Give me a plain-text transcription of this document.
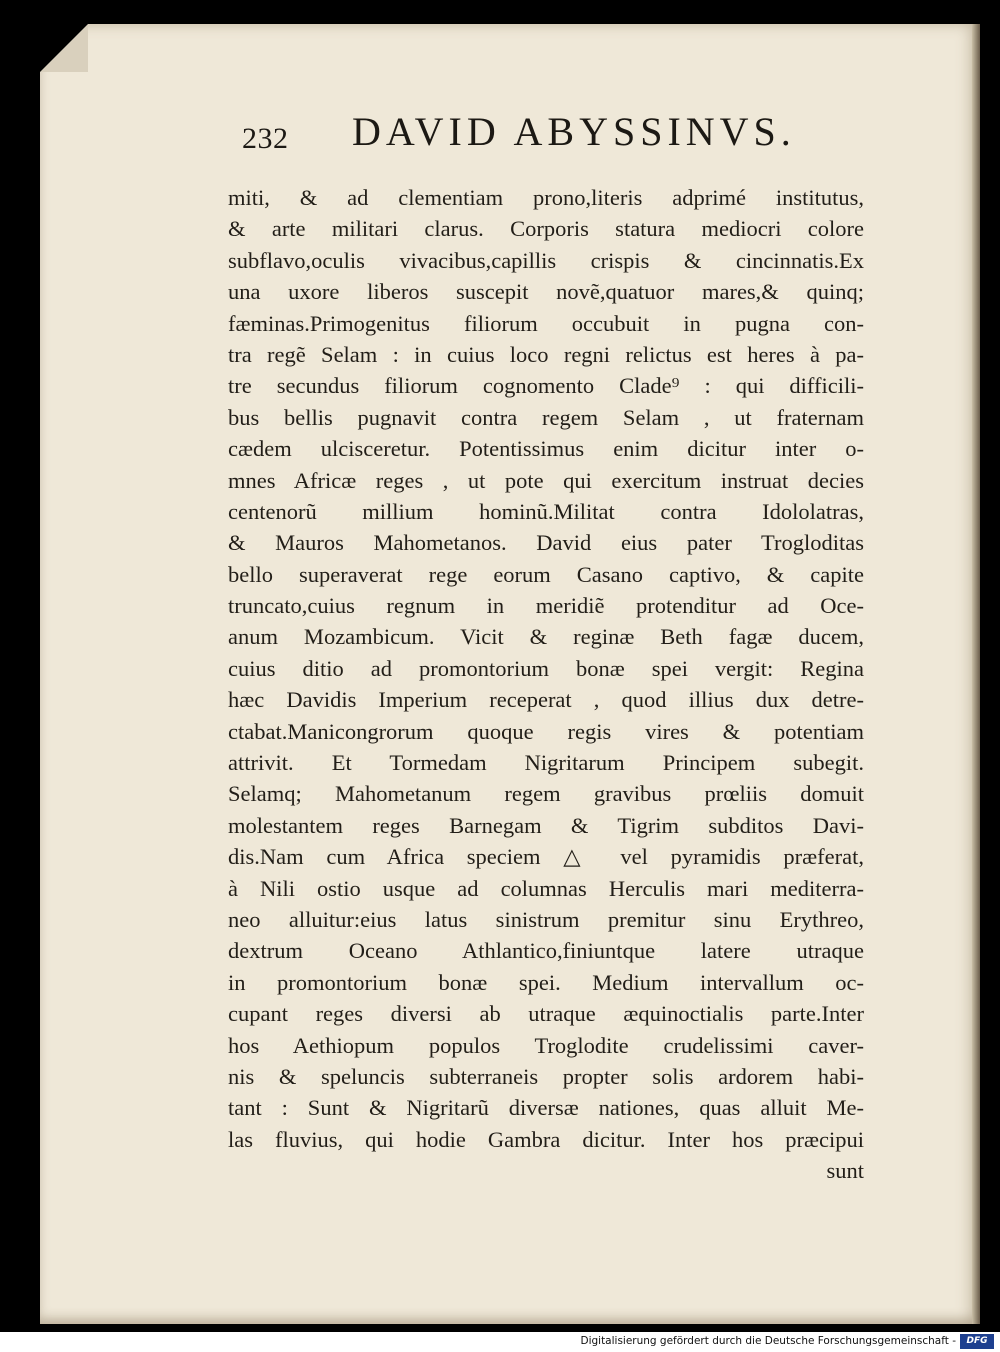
232 DAVID ABYSSINVS.
miti, & ad clementiam prono,literis adprimé institutus,
& arte militari clarus. Corporis statura mediocri colore
subflavo,oculis vivacibus,capillis crispis & cincinnatis.Ex
una uxore liberos suscepit novẽ,quatuor mares,& quinq;
fæminas.Primogenitus filiorum occubuit in pugna con-
tra regẽ Selam : in cuius loco regni relictus est heres à pa-
tre secundus filiorum cognomento Clade⁹ : qui difficili-
bus bellis pugnavit contra regem Selam , ut fraternam
cædem ulcisceretur. Potentissimus enim dicitur inter o-
mnes Africæ reges , ut pote qui exercitum instruat decies
centenorũ millium hominũ.Militat contra Idololatras,
& Mauros Mahometanos. David eius pater Trogloditas
bello superaverat rege eorum Casano captivo, & capite
truncato,cuius regnum in meridiẽ protenditur ad Oce-
anum Mozambicum. Vicit & reginæ Beth fagæ ducem,
cuius ditio ad promontorium bonæ spei vergit: Regina
hæc Davidis Imperium receperat , quod illius dux detre-
ctabat.Manicongrorum quoque regis vires & potentiam
attrivit. Et Tormedam Nigritarum Principem subegit.
Selamq; Mahometanum regem gravibus prœliis domuit
molestantem reges Barnegam & Tigrim subditos Davi-
dis.Nam cum Africa speciem △ vel pyramidis præferat,
à Nili ostio usque ad columnas Herculis mari mediterra-
neo alluitur:eius latus sinistrum premitur sinu Erythreo,
dextrum Oceano Athlantico,finiuntque latere utraque
in promontorium bonæ spei. Medium intervallum oc-
cupant reges diversi ab utraque æquinoctialis parte.Inter
hos Aethiopum populos Troglodite crudelissimi caver-
nis & speluncis subterraneis propter solis ardorem habi-
tant : Sunt & Nigritarũ diversæ nationes, quas alluit Me-
las fluvius, qui hodie Gambra dicitur. Inter hos præcipui
sunt
Digitalisierung gefördert durch die Deutsche Forschungsgemeinschaft -	DFG
